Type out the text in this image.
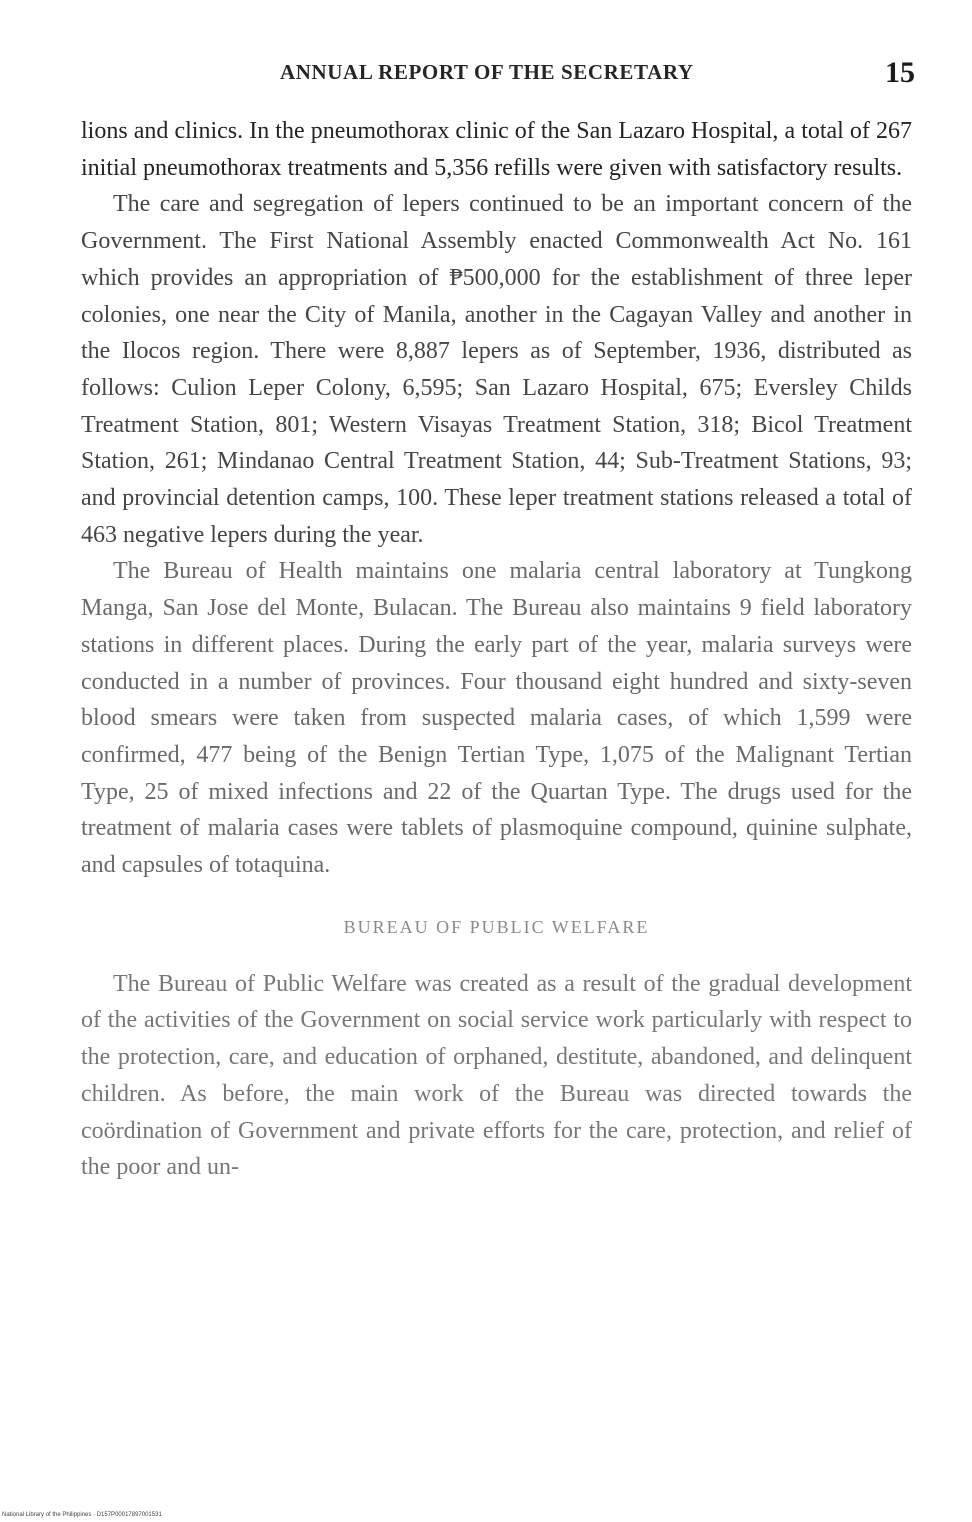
ANNUAL REPORT OF THE SECRETARY	15

lions and clinics. In the pneumothorax clinic of the San Lazaro Hospital, a total of 267 initial pneumothorax treatments and 5,356 refills were given with satisfactory results.

The care and segregation of lepers continued to be an important concern of the Government. The First National Assembly enacted Commonwealth Act No. 161 which provides an appropriation of ₱500,000 for the establishment of three leper colonies, one near the City of Manila, another in the Cagayan Valley and another in the Ilocos region. There were 8,887 lepers as of September, 1936, distributed as follows: Culion Leper Colony, 6,595; San Lazaro Hospital, 675; Eversley Childs Treatment Station, 801; Western Visayas Treatment Station, 318; Bicol Treatment Station, 261; Mindanao Central Treatment Station, 44; Sub-Treatment Stations, 93; and provincial detention camps, 100. These leper treatment stations released a total of 463 negative lepers during the year.

The Bureau of Health maintains one malaria central laboratory at Tungkong Manga, San Jose del Monte, Bulacan. The Bureau also maintains 9 field laboratory stations in different places. During the early part of the year, malaria surveys were conducted in a number of provinces. Four thousand eight hundred and sixty-seven blood smears were taken from suspected malaria cases, of which 1,599 were confirmed, 477 being of the Benign Tertian Type, 1,075 of the Malignant Tertian Type, 25 of mixed infections and 22 of the Quartan Type. The drugs used for the treatment of malaria cases were tablets of plasmoquine compound, quinine sulphate, and capsules of totaquina.

BUREAU OF PUBLIC WELFARE

The Bureau of Public Welfare was created as a result of the gradual development of the activities of the Government on social service work particularly with respect to the protection, care, and education of orphaned, destitute, abandoned, and delinquent children. As before, the main work of the Bureau was directed towards the coördination of Government and private efforts for the care, protection, and relief of the poor and un-

National Library of the Philippines · D157P00017897001531
